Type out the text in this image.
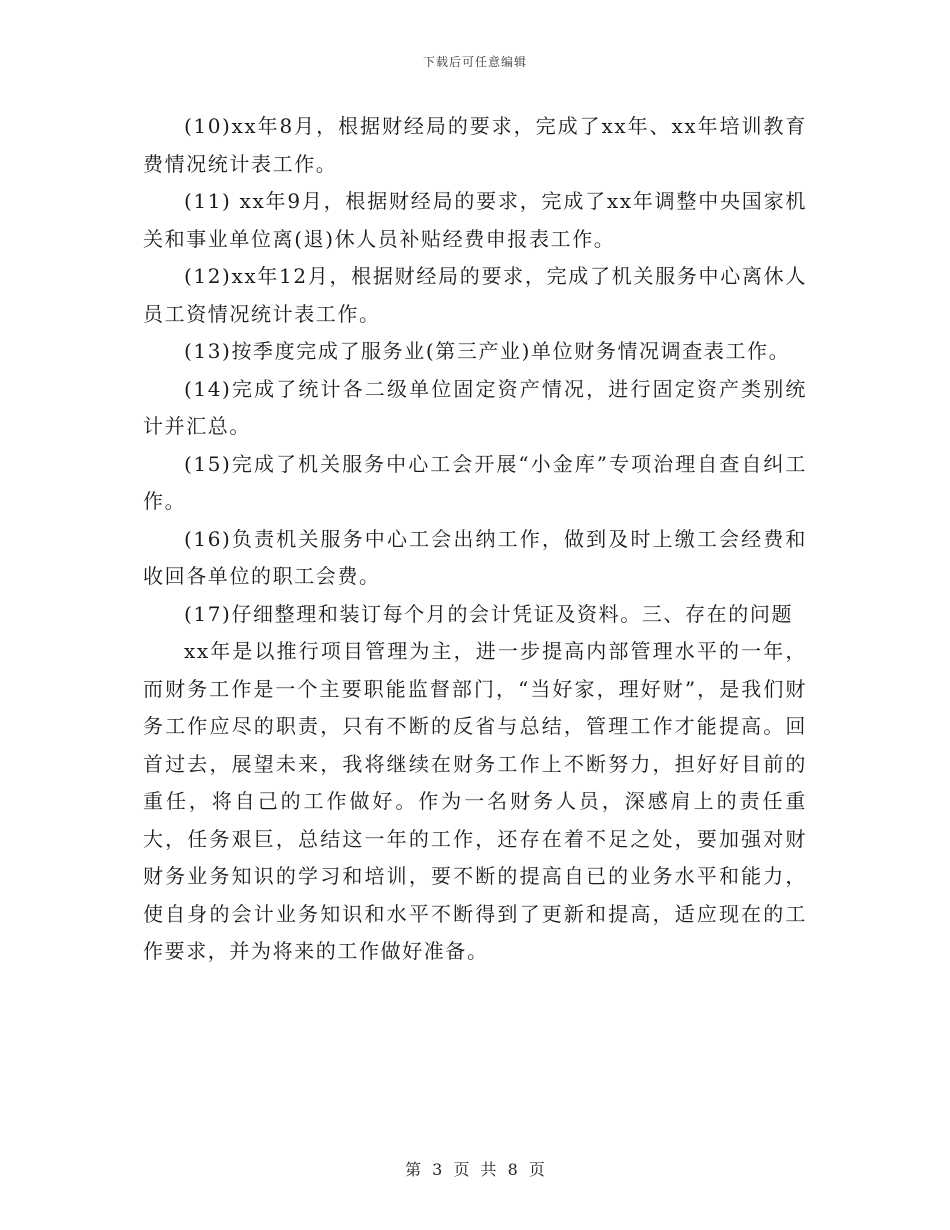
下载后可任意编辑

(10)xx年8月，根据财经局的要求，完成了xx年、xx年培训教育费情况统计表工作。

(11) xx年9月，根据财经局的要求，完成了xx年调整中央国家机关和事业单位离(退)休人员补贴经费申报表工作。

(12)xx年12月，根据财经局的要求，完成了机关服务中心离休人员工资情况统计表工作。

(13)按季度完成了服务业(第三产业)单位财务情况调查表工作。

(14)完成了统计各二级单位固定资产情况，进行固定资产类别统计并汇总。

(15)完成了机关服务中心工会开展“小金库”专项治理自查自纠工作。

(16)负责机关服务中心工会出纳工作，做到及时上缴工会经费和收回各单位的职工会费。

(17)仔细整理和装订每个月的会计凭证及资料。三、存在的问题

xx年是以推行项目管理为主，进一步提高内部管理水平的一年，而财务工作是一个主要职能监督部门，“当好家，理好财”，是我们财务工作应尽的职责，只有不断的反省与总结，管理工作才能提高。回首过去，展望未来，我将继续在财务工作上不断努力，担好好目前的重任，将自己的工作做好。作为一名财务人员，深感肩上的责任重大，任务艰巨，总结这一年的工作，还存在着不足之处，要加强对财财务业务知识的学习和培训，要不断的提高自已的业务水平和能力，使自身的会计业务知识和水平不断得到了更新和提高，适应现在的工作要求，并为将来的工作做好准备。

第 3 页 共 8 页
